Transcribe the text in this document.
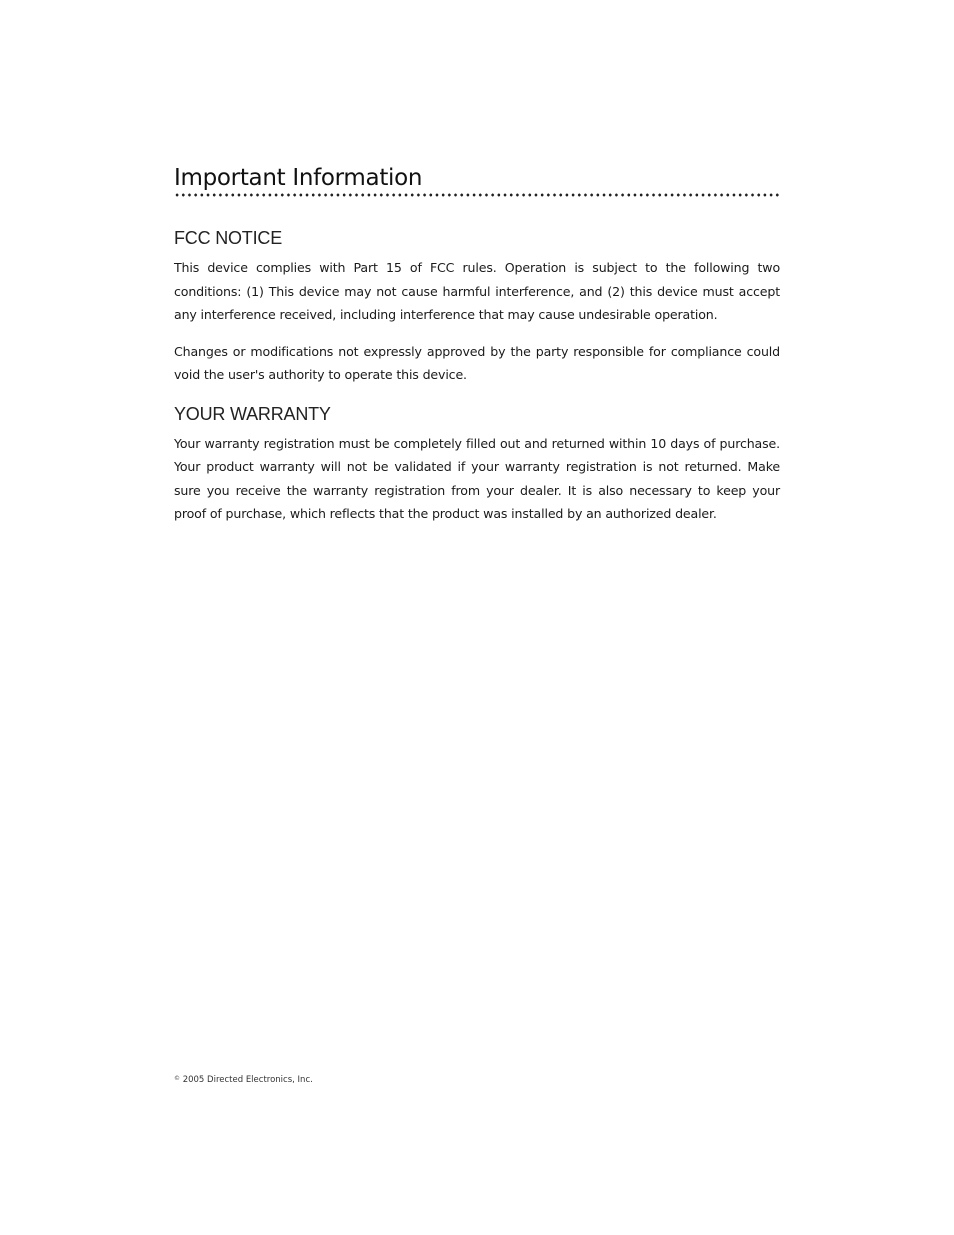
Important Information
FCC NOTICE

This device complies with Part 15 of FCC rules. Operation is subject to the following two conditions: (1) This device may not cause harmful interference, and (2) this device must accept any interference received, including interference that may cause undesirable operation.

Changes or modifications not expressly approved by the party responsible for compliance could void the user's authority to operate this device.

YOUR WARRANTY

Your warranty registration must be completely filled out and returned within 10 days of purchase. Your product warranty will not be validated if your warranty registration is not returned. Make sure you receive the warranty registration from your dealer. It is also necessary to keep your proof of purchase, which reflects that the product was installed by an authorized dealer.

© 2005 Directed Electronics, Inc.
